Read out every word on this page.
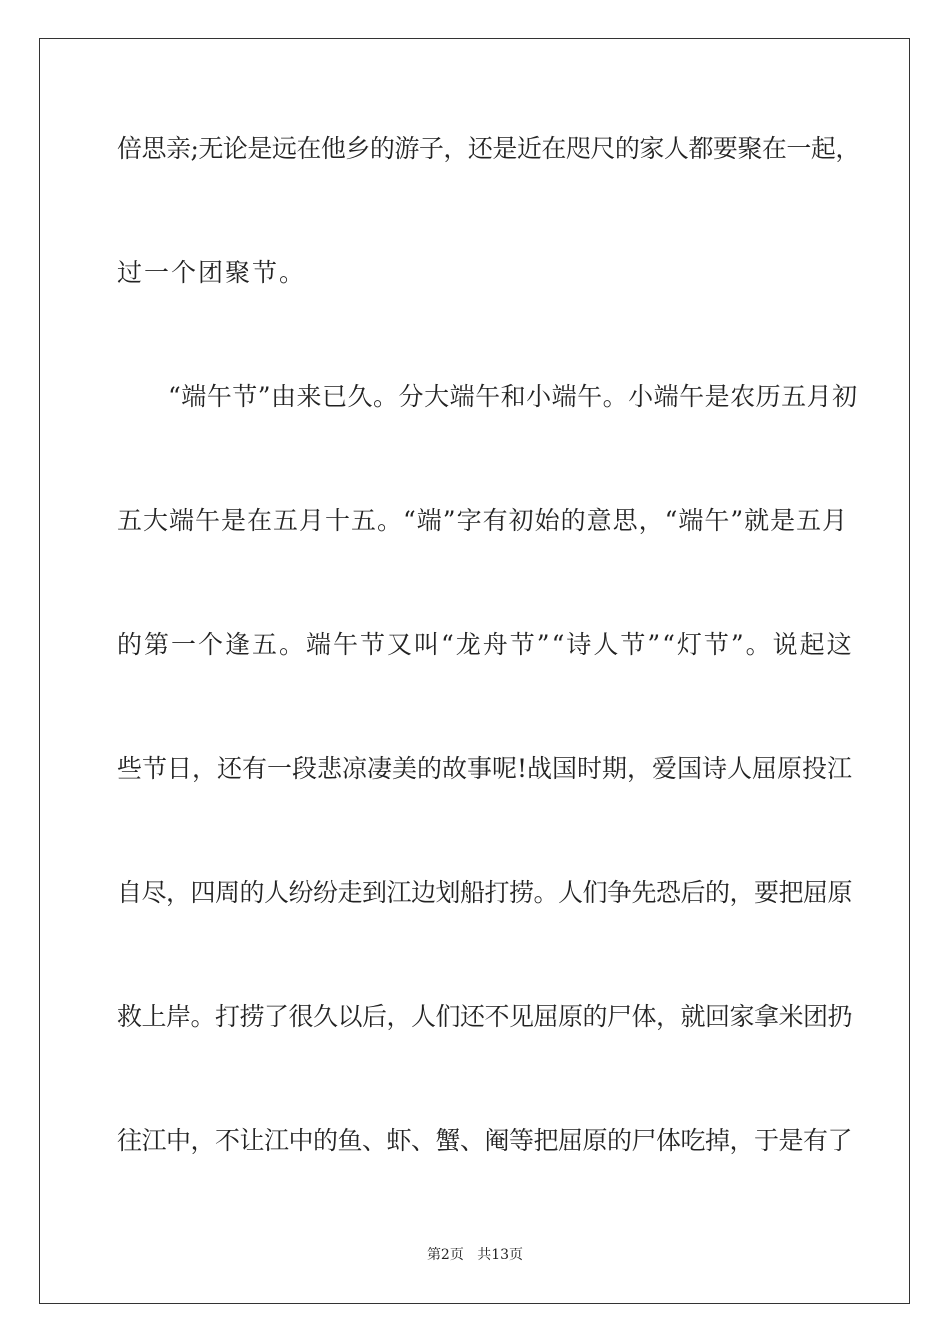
倍思亲;无论是远在他乡的游子，还是近在咫尺的家人都要聚在一起，
过一个团聚节。
　　“端午节”由来已久。分大端午和小端午。小端午是农历五月初
五大端午是在五月十五。“端”字有初始的意思，“端午”就是五月
的第一个逢五。端午节又叫“龙舟节”“诗人节”“灯节”。说起这
些节日，还有一段悲凉凄美的故事呢!战国时期，爱国诗人屈原投江
自尽，四周的人纷纷走到江边划船打捞。人们争先恐后的，要把屈原
救上岸。打捞了很久以后，人们还不见屈原的尸体，就回家拿米团扔
往江中，不让江中的鱼、虾、蟹、阉等把屈原的尸体吃掉，于是有了
第2页 共13页
